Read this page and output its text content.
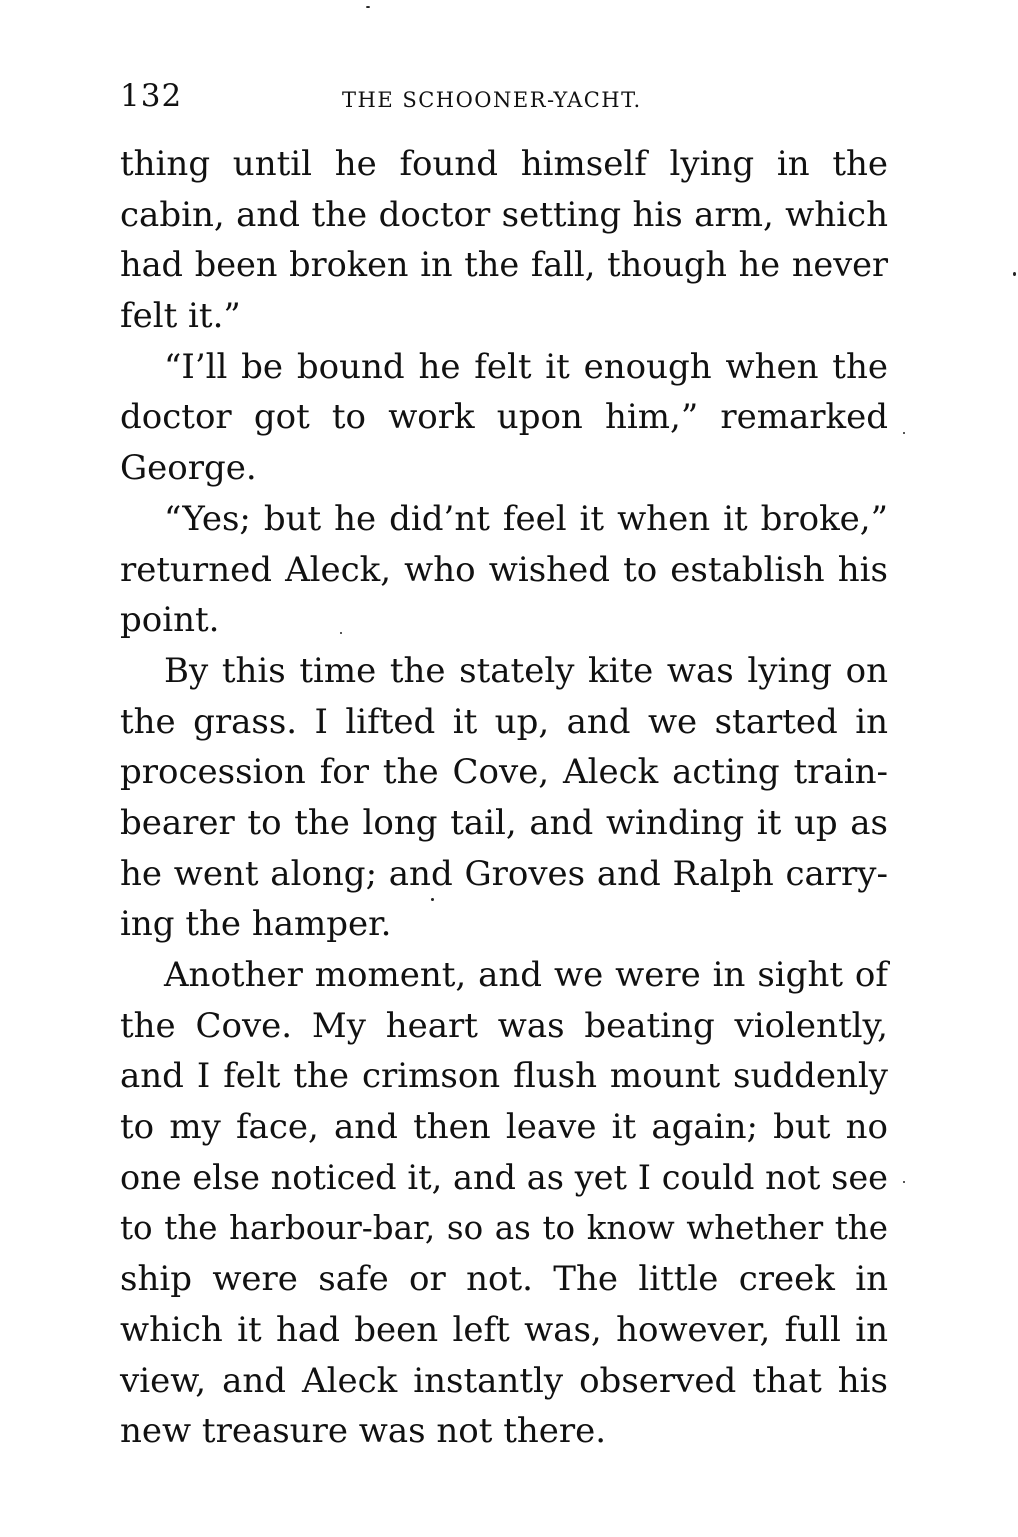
132	THE SCHOONER-YACHT.
thing until he found himself lying in the
cabin, and the doctor setting his arm, which
had been broken in the fall, though he never
felt it.”
“I’ll be bound he felt it enough when the
doctor got to work upon him,” remarked
George.
“Yes; but he did’nt feel it when it broke,”
returned Aleck, who wished to establish his
point.
By this time the stately kite was lying on
the grass. I lifted it up, and we started in
procession for the Cove, Aleck acting train-
bearer to the long tail, and winding it up as
he went along; and Groves and Ralph carry-
ing the hamper.
Another moment, and we were in sight of
the Cove. My heart was beating violently,
and I felt the crimson flush mount suddenly
to my face, and then leave it again; but no
one else noticed it, and as yet I could not see
to the harbour-bar, so as to know whether the
ship were safe or not. The little creek in
which it had been left was, however, full in
view, and Aleck instantly observed that his
new treasure was not there.
